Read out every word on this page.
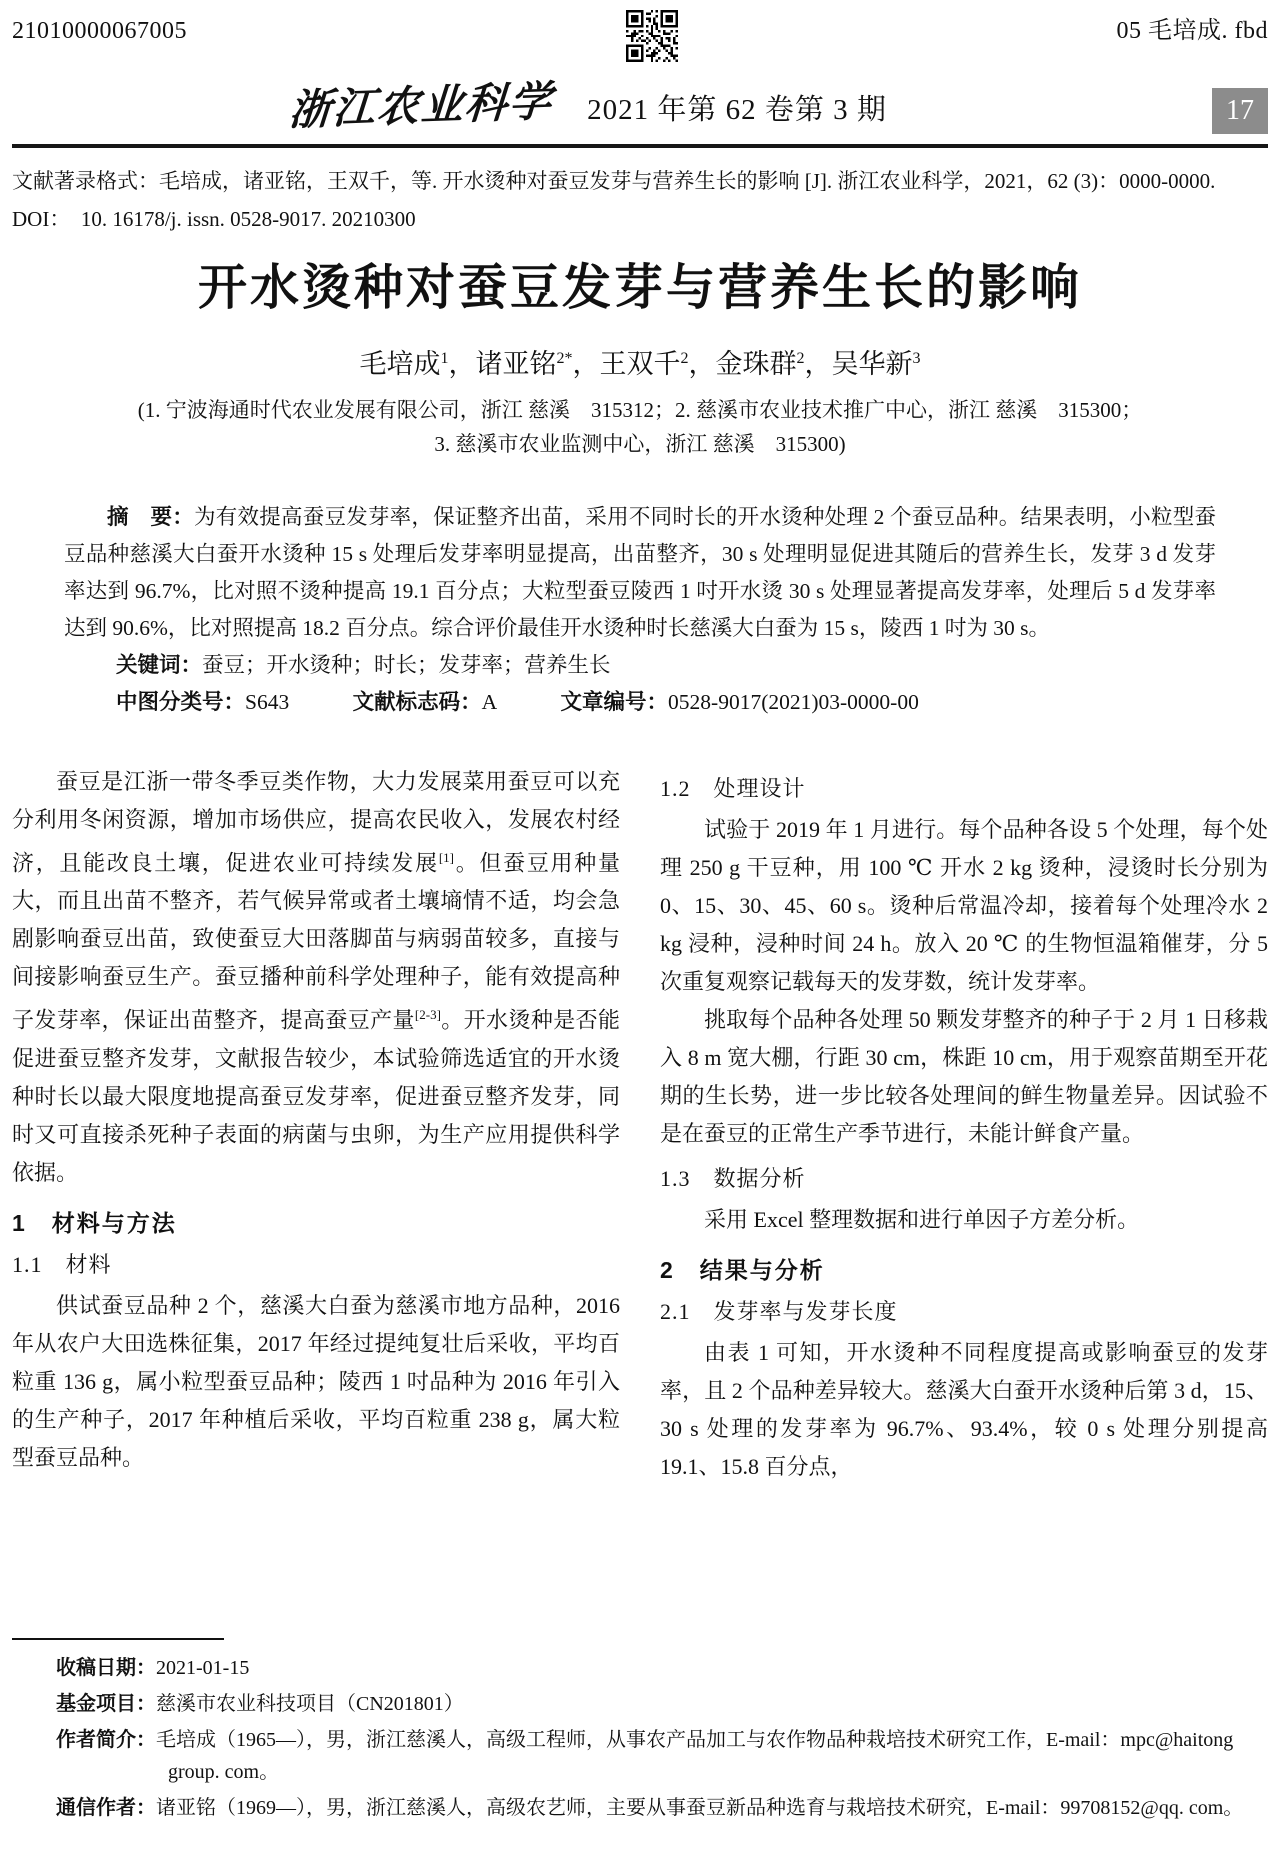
21010000067005	05 毛培成. fbd
浙江农业科学 2021 年第 62 卷第 3 期	17
文献著录格式：毛培成，诸亚铭，王双千，等. 开水烫种对蚕豆发芽与营养生长的影响 [J]. 浙江农业科学，2021，62 (3)：0000-0000.
DOI： 10. 16178/j. issn. 0528-9017. 20210300
开水烫种对蚕豆发芽与营养生长的影响
毛培成$^1$，诸亚铭$^{2*}$，王双千$^2$，金珠群$^2$，吴华新$^3$
(1. 宁波海通时代农业发展有限公司，浙江 慈溪　315312；2. 慈溪市农业技术推广中心，浙江 慈溪　315300；
3. 慈溪市农业监测中心，浙江 慈溪　315300)

摘　要：为有效提高蚕豆发芽率，保证整齐出苗，采用不同时长的开水烫种处理 2 个蚕豆品种。结果表明，小粒型蚕豆品种慈溪大白蚕开水烫种 15 s 处理后发芽率明显提高，出苗整齐，30 s 处理明显促进其随后的营养生长，发芽 3 d 发芽率达到 96.7%，比对照不烫种提高 19.1 百分点；大粒型蚕豆陵西 1 吋开水烫 30 s 处理显著提高发芽率，处理后 5 d 发芽率达到 90.6%，比对照提高 18.2 百分点。综合评价最佳开水烫种时长慈溪大白蚕为 15 s，陵西 1 吋为 30 s。

关键词：蚕豆；开水烫种；时长；发芽率；营养生长

中图分类号：S643	文献标志码：A	文章编号：0528-9017(2021)03-0000-00

蚕豆是江浙一带冬季豆类作物，大力发展菜用蚕豆可以充分利用冬闲资源，增加市场供应，提高农民收入，发展农村经济，且能改良土壤，促进农业可持续发展[1]。但蚕豆用种量大，而且出苗不整齐，若气候异常或者土壤墒情不适，均会急剧影响蚕豆出苗，致使蚕豆大田落脚苗与病弱苗较多，直接与间接影响蚕豆生产。蚕豆播种前科学处理种子，能有效提高种子发芽率，保证出苗整齐，提高蚕豆产量[2-3]。开水烫种是否能促进蚕豆整齐发芽，文献报告较少，本试验筛选适宜的开水烫种时长以最大限度地提高蚕豆发芽率，促进蚕豆整齐发芽，同时又可直接杀死种子表面的病菌与虫卵，为生产应用提供科学依据。

1　材料与方法
1.1　材料

供试蚕豆品种 2 个，慈溪大白蚕为慈溪市地方品种，2016 年从农户大田选株征集，2017 年经过提纯复壮后采收，平均百粒重 136 g，属小粒型蚕豆品种；陵西 1 吋品种为 2016 年引入的生产种子，2017 年种植后采收，平均百粒重 238 g，属大粒型蚕豆品种。

1.2　处理设计

试验于 2019 年 1 月进行。每个品种各设 5 个处理，每个处理 250 g 干豆种，用 100 ℃ 开水 2 kg 烫种，浸烫时长分别为 0、15、30、45、60 s。烫种后常温冷却，接着每个处理冷水 2 kg 浸种，浸种时间 24 h。放入 20 ℃ 的生物恒温箱催芽，分 5 次重复观察记载每天的发芽数，统计发芽率。

挑取每个品种各处理 50 颗发芽整齐的种子于 2 月 1 日移栽入 8 m 宽大棚，行距 30 cm，株距 10 cm，用于观察苗期至开花期的生长势，进一步比较各处理间的鲜生物量差异。因试验不是在蚕豆的正常生产季节进行，未能计鲜食产量。

1.3　数据分析

采用 Excel 整理数据和进行单因子方差分析。

2　结果与分析
2.1　发芽率与发芽长度

由表 1 可知，开水烫种不同程度提高或影响蚕豆的发芽率，且 2 个品种差异较大。慈溪大白蚕开水烫种后第 3 d，15、30 s 处理的发芽率为 96.7%、93.4%，较 0 s 处理分别提高 19.1、15.8 百分点，

收稿日期：2021-01-15
基金项目：慈溪市农业科技项目（CN201801）
作者简介：毛培成（1965—），男，浙江慈溪人，高级工程师，从事农产品加工与农作物品种栽培技术研究工作，E-mail：mpc@haitong group. com。
通信作者：诸亚铭（1969—），男，浙江慈溪人，高级农艺师，主要从事蚕豆新品种选育与栽培技术研究，E-mail：99708152@qq. com。
